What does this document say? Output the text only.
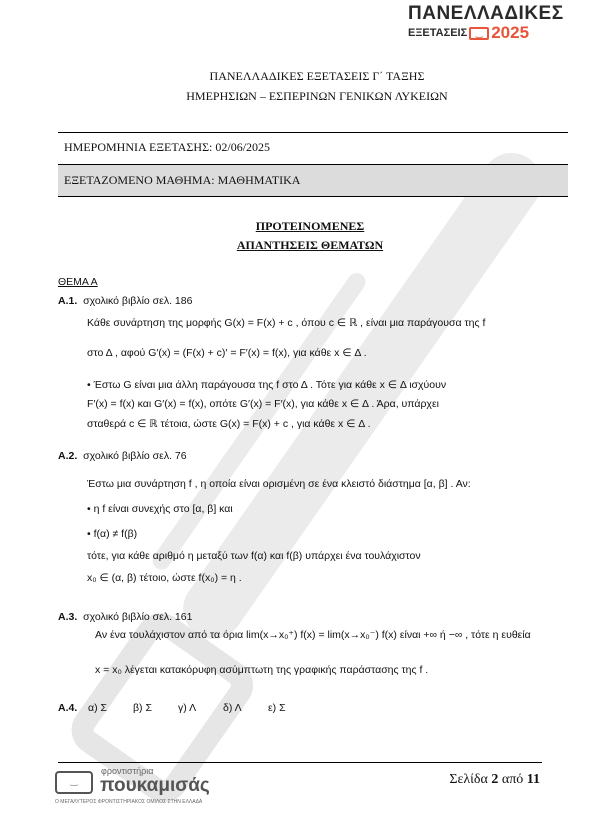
ΠΑΝΕΛΛΑΔΙΚΕΣ
ΕΞΕΤΑΣΕΙΣ	‿ 2025
ΠΑΝΕΛΛΑΔΙΚΕΣ ΕΞΕΤΑΣΕΙΣ Γ΄ ΤΑΞΗΣ
ΗΜΕΡΗΣΙΩΝ – ΕΣΠΕΡΙΝΩΝ ΓΕΝΙΚΩΝ ΛΥΚΕΙΩΝ
ΗΜΕΡΟΜΗΝΙΑ ΕΞΕΤΑΣΗΣ: 02/06/2025
ΕΞΕΤΑΖΟΜΕΝΟ ΜΑΘΗΜΑ: ΜΑΘΗΜΑΤΙΚΑ
ΠΡΟΤΕΙΝΟΜΕΝΕΣ
ΑΠΑΝΤΗΣΕΙΣ ΘΕΜΑΤΩΝ
ΘΕΜΑ Α
Α.1. σχολικό βιβλίο σελ. 186
Κάθε συνάρτηση της μορφής G(x) = F(x) + c , όπου c ∈ ℝ , είναι μια παράγουσα της f
στο Δ , αφού G′(x) = (F(x) + c)′ = F′(x) = f(x), για κάθε x ∈ Δ .
• Έστω G είναι μια άλλη παράγουσα της f στο Δ . Τότε για κάθε x ∈ Δ ισχύουν
F′(x) = f(x) και G′(x) = f(x), οπότε G′(x) = F′(x), για κάθε x ∈ Δ . Άρα, υπάρχει
σταθερά c ∈ ℝ τέτοια, ώστε G(x) = F(x) + c , για κάθε x ∈ Δ .
Α.2. σχολικό βιβλίο σελ. 76
Έστω μια συνάρτηση f , η οποία είναι ορισμένη σε ένα κλειστό διάστημα [α, β] . Αν:
• η f είναι συνεχής στο [α, β] και
• f(α) ≠ f(β)
τότε, για κάθε αριθμό η μεταξύ των f(α) και f(β) υπάρχει ένα τουλάχιστον
x₀ ∈ (α, β) τέτοιο, ώστε f(x₀) = η .
Α.3. σχολικό βιβλίο σελ. 161
Αν ένα τουλάχιστον από τα όρια lim(x→x₀⁺) f(x) = lim(x→x₀⁻) f(x) είναι +∞ ή −∞ , τότε η ευθεία
x = x₀ λέγεται κατακόρυφη ασύμπτωτη της γραφικής παράστασης της f .
Α.4.	α) Σ	β) Σ	γ) Λ	δ) Λ	ε) Σ
‿
φροντιστήρια
πουκαμισάς
Ο ΜΕΓΑΛΥΤΕΡΟΣ ΦΡΟΝΤΙΣΤΗΡΙΑΚΟΣ ΟΜΙΛΟΣ ΣΤΗΝ ΕΛΛΑΔΑ
Σελίδα 2 από 11
